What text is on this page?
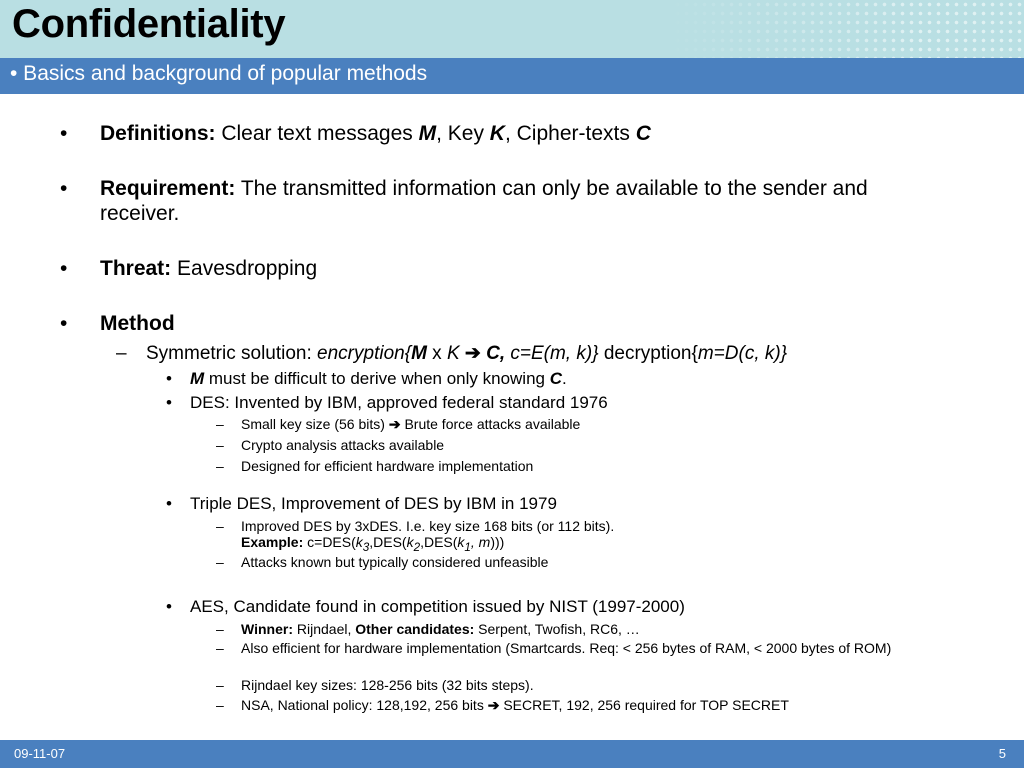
Confidentiality
• Basics and background of popular methods
• Definitions: Clear text messages M, Key K, Cipher-texts C
• Requirement: The transmitted information can only be available to the sender and receiver.
• Threat: Eavesdropping
• Method
– Symmetric solution: encryption{M x K ➔ C, c=E(m, k)} decryption{m=D(c, k)}
• M must be difficult to derive when only knowing C.
• DES: Invented by IBM, approved federal standard 1976
– Small key size (56 bits) ➔ Brute force attacks available
– Crypto analysis attacks available
– Designed for efficient hardware implementation
• Triple DES, Improvement of DES by IBM in 1979
– Improved DES by 3xDES. I.e. key size 168 bits (or 112 bits).
Example: $c=DES(k_3,DES(k_2,DES(k_1$, m)))
– Attacks known but typically considered unfeasible
• AES, Candidate found in competition issued by NIST (1997-2000)
– Winner: Rijndael, Other candidates: Serpent, Twofish, RC6, …
– Also efficient for hardware implementation (Smartcards. Req: < 256 bytes of RAM, < 2000 bytes of ROM)
– Rijndael key sizes: 128-256 bits (32 bits steps).
– NSA, National policy: 128,192, 256 bits ➔ SECRET, 192, 256 required for TOP SECRET
09-11-07	5
